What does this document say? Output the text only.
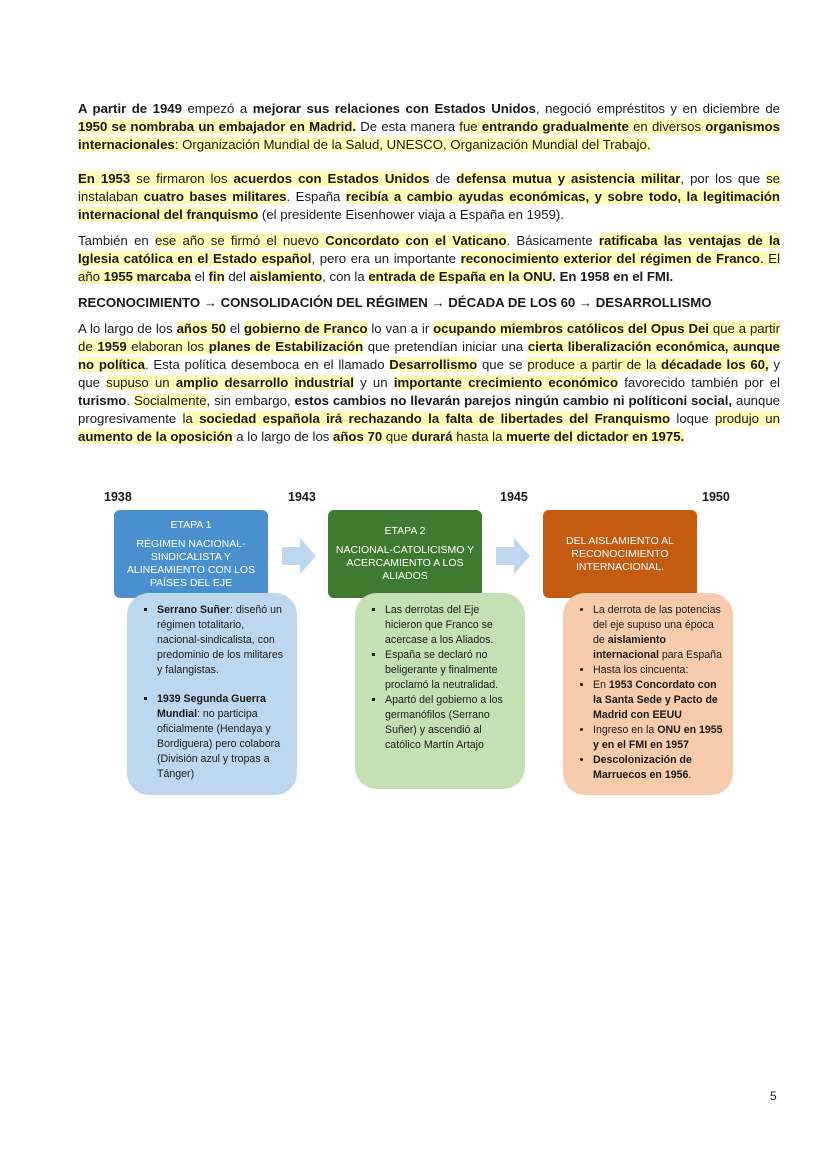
A partir de 1949 empezó a mejorar sus relaciones con Estados Unidos, negoció empréstitos y en diciembre de 1950 se nombraba un embajador en Madrid. De esta manera fue entrando gradualmente en diversos organismos internacionales: Organización Mundial de la Salud, UNESCO, Organización Mundial del Trabajo.

En 1953 se firmaron los acuerdos con Estados Unidos de defensa mutua y asistencia militar, por los que se instalaban cuatro bases militares. España recibía a cambio ayudas económicas, y sobre todo, la legitimación internacional del franquismo (el presidente Eisenhower viaja a España en 1959).

También en ese año se firmó el nuevo Concordato con el Vaticano. Básicamente ratificaba las ventajas de la Iglesia católica en el Estado español, pero era un importante reconocimiento exterior del régimen de Franco. El año 1955 marcaba el fin del aislamiento, con la entrada de España en la ONU. En 1958 en el FMI.

RECONOCIMIENTO → CONSOLIDACIÓN DEL RÉGIMEN → DÉCADA DE LOS 60 → DESARROLLISMO

A lo largo de los años 50 el gobierno de Franco lo van a ir ocupando miembros católicos del Opus Dei que a partir de 1959 elaboran los planes de Estabilización que pretendían iniciar una cierta liberalización económica, aunque no política. Esta política desemboca en el llamado Desarrollismo que se produce a partir de la décadade los 60, y que supuso un amplio desarrollo industrial y un importante crecimiento económico favorecido también por el turismo. Socialmente, sin embargo, estos cambios no llevarán parejos ningún cambio ni políticoni social, aunque progresivamente la sociedad española irá rechazando la falta de libertades del Franquismo loque produjo un aumento de la oposición a lo largo de los años 70 que durará hasta la muerte del dictador en 1975.

1938	1943	1945	1950
ETAPA 1
RÉGIMEN NACIONAL-SINDICALISTA Y ALINEAMIENTO CON LOS PAÍSES DEL EJE
ETAPA 2
NACIONAL-CATOLICISMO Y ACERCAMIENTO A LOS ALIADOS
DEL AISLAMIENTO AL RECONOCIMIENTO INTERNACIONAL.
▪ Serrano Suñer: diseñó un régimen totalitario, nacional-sindicalista, con predominio de los militares y falangistas.
▪ 1939 Segunda Guerra Mundial: no participa oficialmente (Hendaya y Bordiguera) pero colabora (División azul y tropas a Tánger)
▪ Las derrotas del Eje hicieron que Franco se acercase a los Aliados.
▪ España se declaró no beligerante y finalmente proclamó la neutralidad.
▪ Apartó del gobierno a los germanófilos (Serrano Suñer) y ascendió al católico Martín Artajo
• La derrota de las potencias del eje supuso una época de aislamiento internacional para España
• Hasta los cincuenta:
• En 1953 Concordato con la Santa Sede y Pacto de Madrid con EEUU
• Ingreso en la ONU en 1955 y en el FMI en 1957
• Descolonización de Marruecos en 1956.
5
